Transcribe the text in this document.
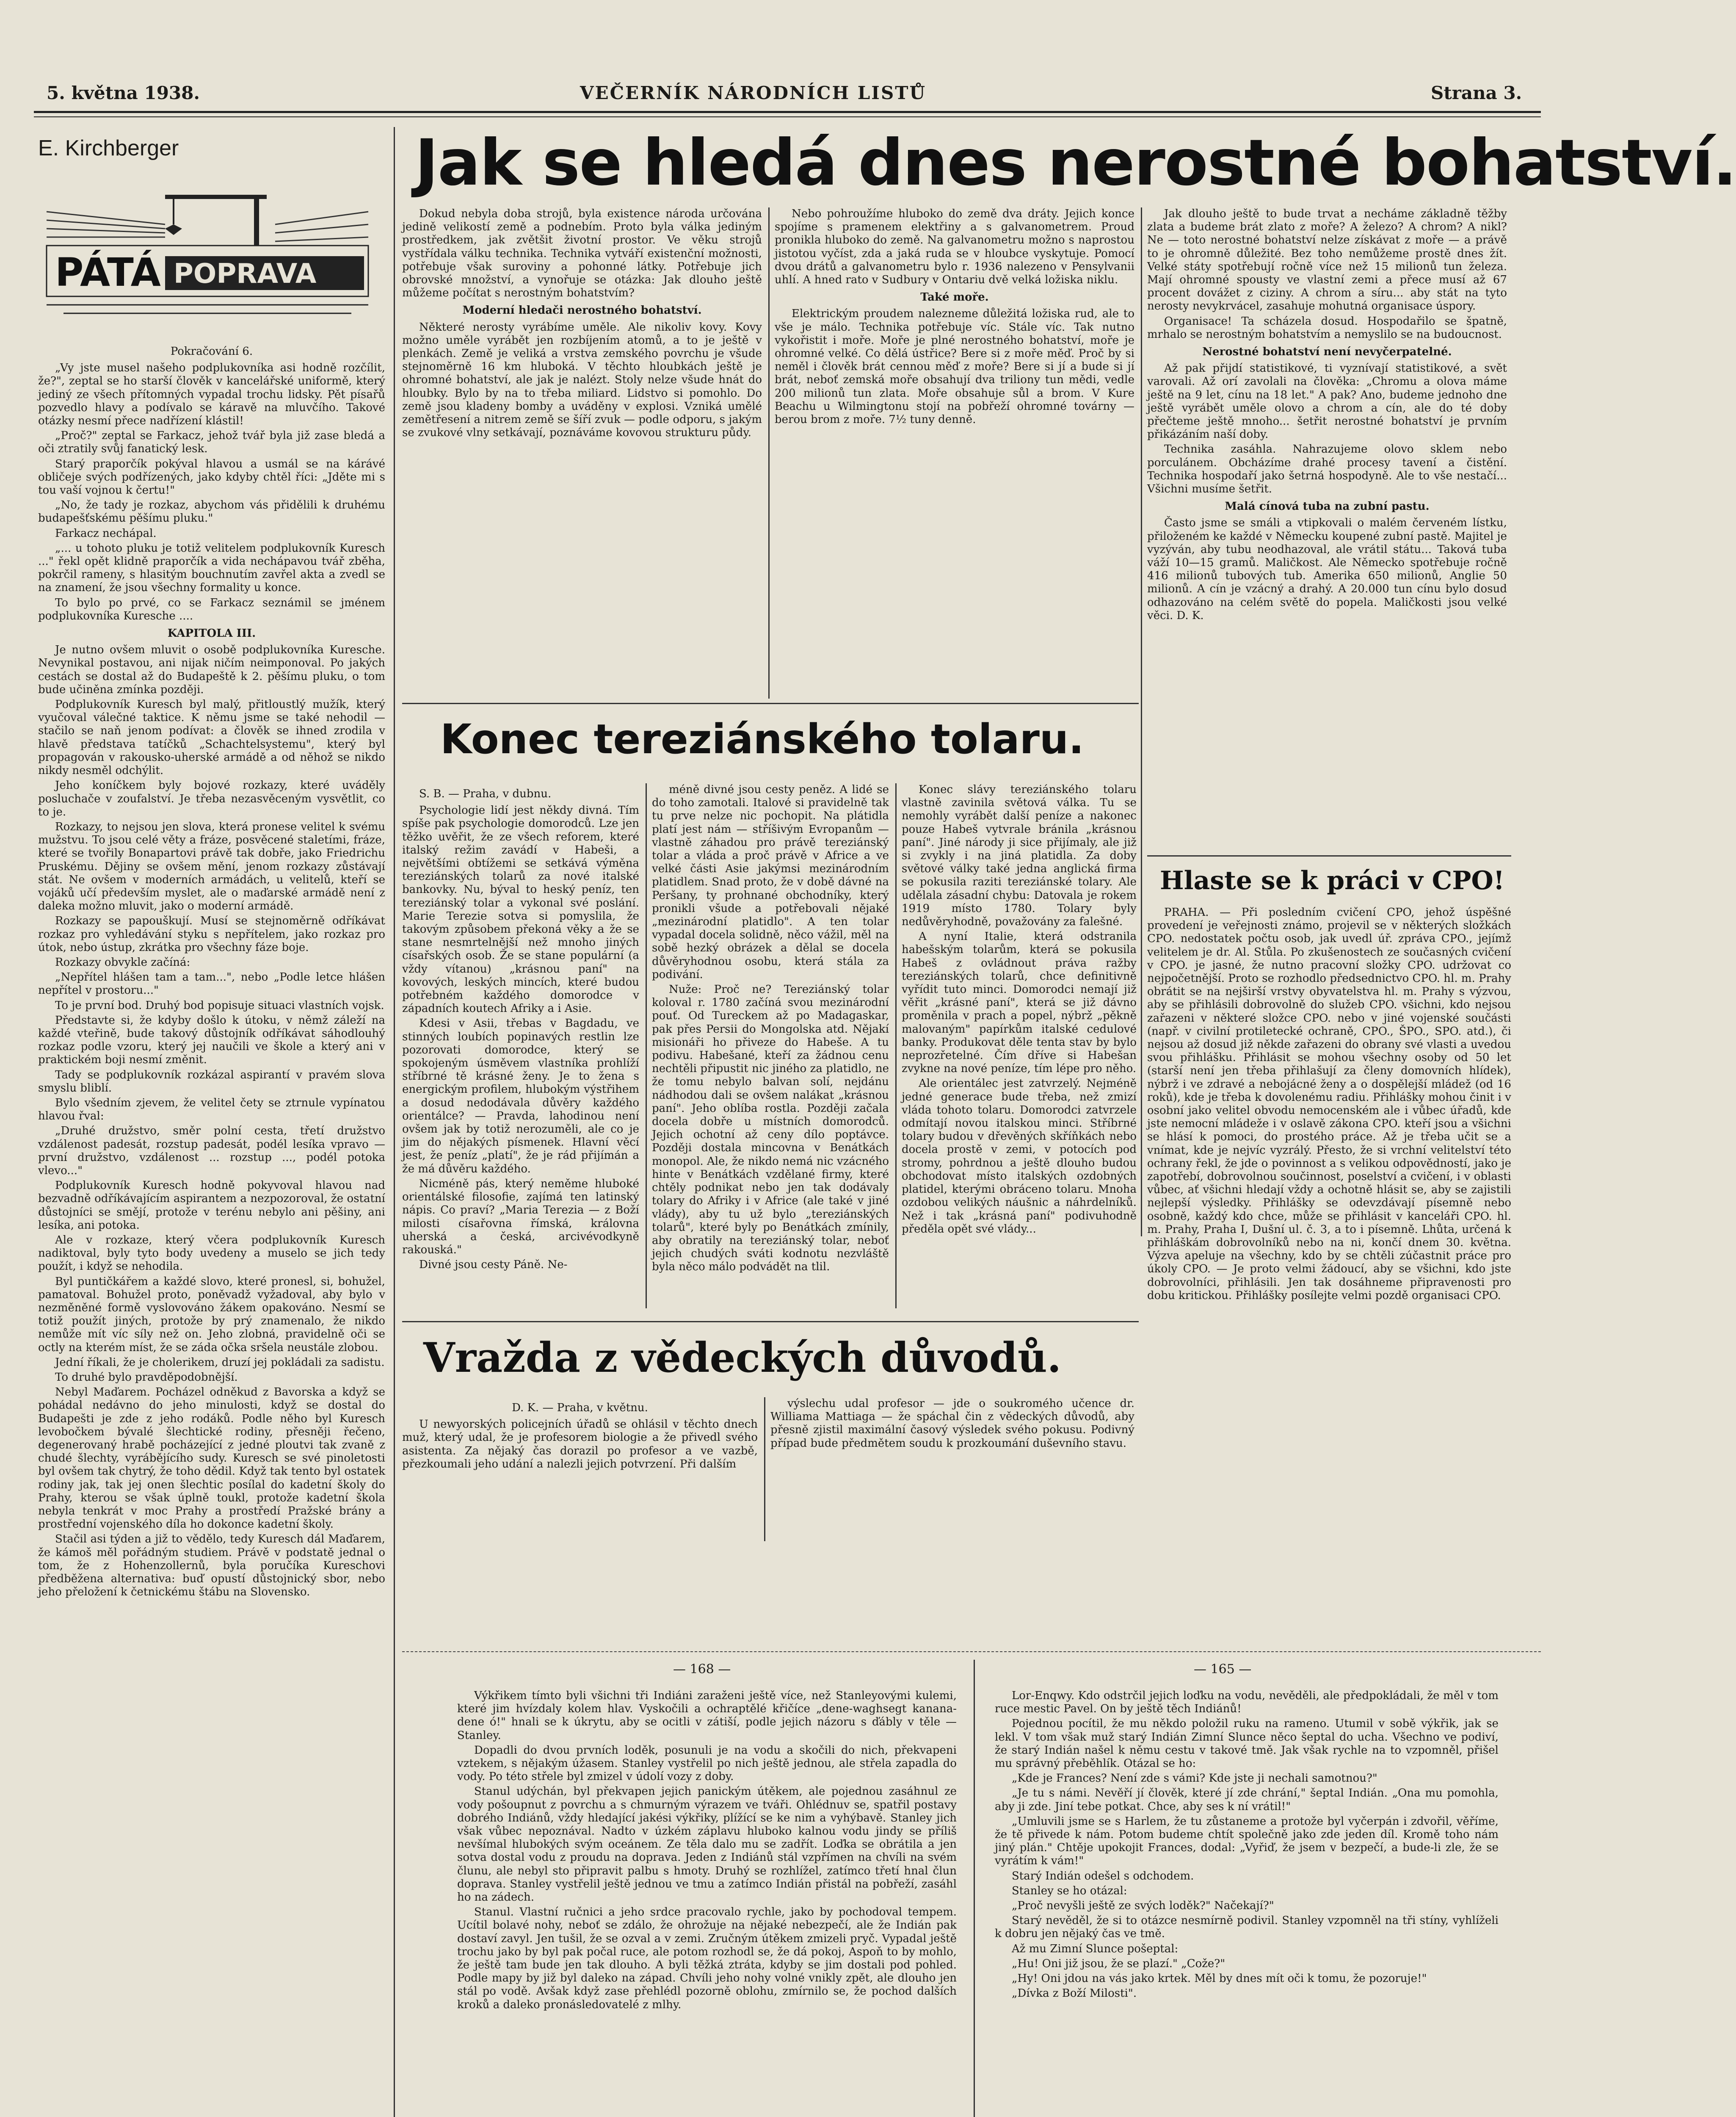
5. května 1938.	VEČERNÍK NÁRODNÍCH LISTŮ	Strana 3.
E. Kirchberger
PÁTÁ POPRAVA

Pokračování 6.

„Vy jste musel našeho podplukovníka asi hodně rozčílit, že?", zeptal se ho starší člověk v kancelářské uniformě, který jediný ze všech přítomných vypadal trochu lidsky. Pět písařů pozvedlo hlavy a podívalo se káravě na mluvčího. Takové otázky nesmí přece nadřízení klástil!

„Proč?" zeptal se Farkacz, jehož tvář byla již zase bledá a oči ztratily svůj fanatický lesk.

Starý praporčík pokýval hlavou a usmál se na kárávé obličeje svých podřízených, jako kdyby chtěl říci: „Jděte mi s tou vaší vojnou k čertu!"

„No, že tady je rozkaz, abychom vás přidělili k druhému budapešťskému pěšímu pluku."

Farkacz nechápal.

„... u tohoto pluku je totiž velitelem podplukovník Kuresch ..." řekl opět klidně praporčík a vida nechápavou tvář zběha, pokrčil rameny, s hlasitým bouchnutím zavřel akta a zvedl se na znamení, že jsou všechny formality u konce.

To bylo po prvé, co se Farkacz seznámil se jménem podplukovníka Kuresche ....

KAPITOLA III.

Je nutno ovšem mluvit o osobě podplukovníka Kuresche. Nevynikal postavou, ani nijak ničím neimponoval. Po jakých cestách se dostal až do Budapeště k 2. pěšímu pluku, o tom bude učiněna zmínka později.

Podplukovník Kuresch byl malý, přitloustlý mužík, který vyučoval válečné taktice. K němu jsme se také nehodil — stačilo se naň jenom podívat: a člověk se ihned zrodila v hlavě představa tatíčků „Schachtelsystemu", který byl propagován v rakousko-uherské armádě a od něhož se nikdo nikdy nesměl odchýlit.

Jeho koníčkem byly bojové rozkazy, které uváděly posluchače v zoufalství. Je třeba nezasvěceným vysvětlit, co to je.

Rozkazy, to nejsou jen slova, která pronese velitel k svému mužstvu. To jsou celé věty a fráze, posvěcené staletími, fráze, které se tvořily Bonapartovi právě tak dobře, jako Friedrichu Pruskému. Dějiny se ovšem mění, jenom rozkazy zůstávají stát. Ne ovšem v moderních armádách, u velitelů, kteří se vojáků učí především myslet, ale o maďarské armádě není z daleka možno mluvit, jako o moderní armádě.

Rozkazy se papouškují. Musí se stejnoměrně odříkávat rozkaz pro vyhledávání styku s nepřítelem, jako rozkaz pro útok, nebo ústup, zkrátka pro všechny fáze boje.

Rozkazy obvykle začíná:

„Nepřítel hlášen tam a tam...", nebo „Podle letce hlášen nepřítel v prostoru..."

To je první bod. Druhý bod popisuje situaci vlastních vojsk.

Představte si, že kdyby došlo k útoku, v němž záleží na každé vteřině, bude takový důstojník odříkávat sáhodlouhý rozkaz podle vzoru, který jej naučili ve škole a který ani v praktickém boji nesmí změnit.

Tady se podplukovník rozkázal aspirantí v pravém slova smyslu bliblí.

Bylo všedním zjevem, že velitel čety se ztrnule vypínatou hlavou řval:

„Druhé družstvo, směr polní cesta, třetí družstvo vzdálenost padesát, rozstup padesát, podél lesíka vpravo — první družstvo, vzdálenost ... rozstup ..., podél potoka vlevo..."

Podplukovník Kuresch hodně pokyvoval hlavou nad bezvadně odříkávajícím aspirantem a nezpozoroval, že ostatní důstojníci se smějí, protože v terénu nebylo ani pěšiny, ani lesíka, ani potoka.

Ale v rozkaze, který včera podplukovník Kuresch nadiktoval, byly tyto body uvedeny a muselo se jich tedy použít, i když se nehodila.

Byl puntičkářem a každé slovo, které pronesl, si, bohužel, pamatoval. Bohužel proto, poněvadž vyžadoval, aby bylo v nezměněné formě vyslovováno žákem opakováno. Nesmí se totiž použít jiných, protože by prý znamenalo, že nikdo nemůže mít víc síly než on. Jeho zlobná, pravidelně oči se octly na kterém míst, že se záda očka sršela neustále zlobou.

Jední říkali, že je cholerikem, druzí jej pokládali za sadistu.

To druhé bylo pravděpodobnější.

Nebyl Maďarem. Pocházel odněkud z Bavorska a když se pohádal nedávno do jeho minulosti, když se dostal do Budapešti je zde z jeho rodáků. Podle něho byl Kuresch levobočkem bývalé šlechtické rodiny, přesněji řečeno, degenerovaný hrabě pocházející z jedné ploutvi tak zvaně z chudé šlechty, vyrábějícího sudy. Kuresch se své pinoletosti byl ovšem tak chytrý, že toho dědil. Když tak tento byl ostatek rodiny jak, tak jej onen šlechtic posílal do kadetní školy do Prahy, kterou se však úplně toukl, protože kadetní škola nebyla tenkrát v moc Prahy a prostředí Pražské brány a prostřední vojenského díla ho dokonce kadetní školy.

Stačil asi týden a již to vědělo, tedy Kuresch dál Maďarem, že kámoš měl pořádným studiem. Právě v podstatě jednal o tom, že z Hohenzollernů, byla poručíka Kureschovi předběžena alternativa: buď opustí důstojnický sbor, nebo jeho přeložení k četnickému štábu na Slovensko.

Jak se hledá dnes nerostné bohatství.

Dokud nebyla doba strojů, byla existence národa určována jedině velikostí země a podnebím. Proto byla válka jediným prostředkem, jak zvětšit životní prostor. Ve věku strojů vystřídala válku technika. Technika vytváří existenční možnosti, potřebuje však suroviny a pohonné látky. Potřebuje jich obrovské množství, a vynořuje se otázka: Jak dlouho ještě můžeme počítat s nerostným bohatstvím?

Moderní hledači nerostného bohatství.

Některé nerosty vyrábíme uměle. Ale nikoliv kovy. Kovy možno uměle vyrábět jen rozbíjením atomů, a to je ještě v plenkách. Země je veliká a vrstva zemského povrchu je všude stejnoměrně 16 km hluboká. V těchto hloubkách ještě je ohromné bohatství, ale jak je nalézt. Stoly nelze všude hnát do hloubky. Bylo by na to třeba miliard. Lidstvo si pomohlo. Do země jsou kladeny bomby a uváděny v explosi. Vzniká umělé zemětřesení a nitrem země se šíří zvuk — podle odporu, s jakým se zvukové vlny setkávají, poznáváme kovovou strukturu půdy.

Nebo pohroužíme hluboko do země dva dráty. Jejich konce spojíme s pramenem elektřiny a s galvanometrem. Proud pronikla hluboko do země. Na galvanometru možno s naprostou jistotou vyčíst, zda a jaká ruda se v hloubce vyskytuje. Pomocí dvou drátů a galvanometru bylo r. 1936 nalezeno v Pensylvanii uhlí. A hned rato v Sudbury v Ontariu dvě velká ložiska niklu.

Také moře.

Elektrickým proudem nalezneme důležitá ložiska rud, ale to vše je málo. Technika potřebuje víc. Stále víc. Tak nutno vykořistit i moře. Moře je plné nerostného bohatství, moře je ohromné velké. Co dělá ústřice? Bere si z moře měď. Proč by si neměl i člověk brát cennou měď z moře? Bere si jí a bude si jí brát, neboť zemská moře obsahují dva triliony tun mědi, vedle 200 milionů tun zlata. Moře obsahuje sůl a brom. V Kure Beachu u Wilmingtonu stojí na pobřeží ohromné továrny — berou brom z moře. 7½ tuny denně.

Jak dlouho ještě to bude trvat a necháme základně těžby zlata a budeme brát zlato z moře? A železo? A chrom? A nikl? Ne — toto nerostné bohatství nelze získávat z moře — a právě to je ohromně důležité. Bez toho nemůžeme prostě dnes žít. Velké státy spotřebují ročně více než 15 milionů tun železa. Mají ohromné spousty ve vlastní zemi a přece musí až 67 procent dovážet z ciziny. A chrom a síru... aby stát na tyto nerosty nevykrvácel, zasahuje mohutná organisace úspory.

Organisace! Ta scházela dosud. Hospodařilo se špatně, mrhalo se nerostným bohatstvím a nemyslilo se na budoucnost.

Nerostné bohatství není nevyčerpatelné.

Až pak přijdí statistikové, ti vyznívají statistikové, a svět varovali. Až orí zavolali na člověka: „Chromu a olova máme ještě na 9 let, cínu na 18 let." A pak? Ano, budeme jednoho dne ještě vyrábět uměle olovo a chrom a cín, ale do té doby přečteme ještě mnoho... šetřit nerostné bohatství je prvním přikázáním naší doby.

Technika zasáhla. Nahrazujeme olovo sklem nebo porculánem. Obcházíme drahé procesy tavení a čistění. Technika hospodaří jako šetrná hospodyně. Ale to vše nestačí... Všichni musíme šetřit.

Malá cínová tuba na zubní pastu.

Často jsme se smáli a vtipkovali o malém červeném lístku, přiloženém ke každé v Německu koupené zubní pastě. Majitel je vyzýván, aby tubu neodhazoval, ale vrátil státu... Taková tuba váží 10—15 gramů. Maličkost. Ale Německo spotřebuje ročně 416 milionů tubových tub. Amerika 650 milionů, Anglie 50 milionů. A cín je vzácný a drahý. A 20.000 tun cínu bylo dosud odhazováno na celém světě do popela. Maličkosti jsou velké věci. D. K.

Konec tereziánského tolaru.

S. B. — Praha, v dubnu.

Psychologie lidí jest někdy divná. Tím spíše pak psychologie domorodců. Lze jen těžko uvěřit, že ze všech reforem, které italský režim zavádí v Habeši, a největšími obtížemi se setkává výměna tereziánských tolarů za nové italské bankovky. Nu, býval to heský peníz, ten tereziánský tolar a vykonal své poslání. Marie Terezie sotva si pomyslila, že takovým způsobem překoná věky a že se stane nesmrtelnější než mnoho jiných císařských osob. Že se stane populární (a vždy vítanou) „krásnou paní" na kovových, leských mincích, které budou potřebném každého domorodce v západních koutech Afriky a i Asie.

Kdesi v Asii, třebas v Bagdadu, ve stinných loubích popinavých restlin lze pozorovati domorodce, který se spokojeným úsměvem vlastníka prohlíží stříbrné tě krásné ženy. Je to žena s energickým profilem, hlubokým výstřihem a dosud nedodávala důvěry každého orientálce? — Pravda, lahodinou není ovšem jak by totiž nerozuměli, ale co je jim do nějakých písmenek. Hlavní věcí jest, že peníz „platí", že je rád přijímán a že má důvěru každého.

Nicméně pás, který neměme hluboké orientálské filosofie, zajímá ten latinský nápis. Co praví? „Maria Terezia — z Boží milosti císařovna římská, královna uherská a česká, arcivévodkyně rakouská."

Divné jsou cesty Páně. Ne-

méně divné jsou cesty peněz. A lidé se do toho zamotali. Italové si pravidelně tak tu prve nelze nic pochopit. Na plátidla platí jest nám — stříšivým Evropanům — vlastně záhadou pro právě tereziánský tolar a vláda a proč právě v Africe a ve velké části Asie jakýmsi mezinárodním platidlem. Snad proto, že v době dávné na Peršany, ty prohnané obchodníky, který pronikli všude a potřebovali nějaké „mezinárodní platidlo". A ten tolar vypadal docela solidně, něco vážil, měl na sobě hezký obrázek a dělal se docela důvěryhodnou osobu, která stála za podivání.

Nuže: Proč ne? Tereziánský tolar koloval r. 1780 začíná svou mezinárodní pouť. Od Tureckem až po Madagaskar, pak přes Persii do Mongolska atd. Nějakí misionáři ho přiveze do Habeše. A tu podivu. Habešané, kteří za žádnou cenu nechtěli připustit nic jiného za platidlo, ne že tomu nebylo balvan solí, nejdánu nádhodou dali se ovšem nalákat „krásnou paní". Jeho oblíba rostla. Později začala docela dobře u místních domorodců. Jejich ochotní až ceny dílo poptávce. Později dostala mincovna v Benátkách monopol. Ale, že nikdo nemá nic vzácného hinte v Benátkách vzdělané firmy, které chtěly podnikat nebo jen tak dodávaly tolary do Afriky i v Africe (ale také v jiné vlády), aby tu už bylo „tereziánských tolarů", které byly po Benátkách zmínily, aby obratily na tereziánský tolar, neboť jejich chudých sváti kodnotu nezvláště byla něco málo podvádět na tlil.

Konec slávy tereziánského tolaru vlastně zavinila světová válka. Tu se nemohly vyrábět další peníze a nakonec pouze Habeš vytvrale bránila „krásnou paní". Jiné národy ji sice přijímaly, ale již si zvykly i na jiná platidla. Za doby světové války také jedna anglická firma se pokusila raziti tereziánské tolary. Ale udělala zásadní chybu: Datovala je rokem 1919 místo 1780. Tolary byly nedůvěryhodně, považovány za falešné.

A nyní Italie, která odstranila habešským tolarům, která se pokusila Habeš z ovládnout práva ražby tereziánských tolarů, chce definitivně vyřídit tuto minci. Domorodci nemají již věřit „krásné paní", která se již dávno proměnila v prach a popel, nýbrž „pěkně malovaným" papírkům italské cedulové banky. Produkovat děle tenta stav by bylo neprozřetelné. Čím dříve si Habešan zvykne na nové peníze, tím lépe pro něho.

Ale orientálec jest zatvrzelý. Nejméně jedné generace bude třeba, než zmizí vláda tohoto tolaru. Domorodci zatvrzele odmítají novou italskou minci. Stříbrné tolary budou v dřevěných skříňkách nebo docela prostě v zemi, v potocích pod stromy, pohrdnou a ještě dlouho budou obchodovat místo italských ozdobných platidel, kterými obráceno tolaru. Mnoha ozdobou velikých náušnic a náhrdelníků. Než i tak „krásná paní" podivuhodně předěla opět své vlády...

Hlaste se k práci v CPO!

PRAHA. — Při posledním cvičení CPO, jehož úspěšné provedení je veřejnosti známo, projevil se v některých složkách CPO. nedostatek počtu osob, jak uvedl úř. zpráva CPO., jejímž velitelem je dr. Al. Stůla. Po zkušenostech ze současných cvičení v CPO. je jasné, že nutno pracovní složky CPO. udržovat co nejpočetnější. Proto se rozhodlo předsednictvo CPO. hl. m. Prahy obrátit se na nejširší vrstvy obyvatelstva hl. m. Prahy s výzvou, aby se přihlásili dobrovolně do služeb CPO. všichni, kdo nejsou zařazeni v některé složce CPO. nebo v jiné vojenské součásti (např. v civilní protiletecké ochraně, CPO., ŠPO., SPO. atd.), či nejsou až dosud již někde zařazeni do obrany své vlasti a uvedou svou přihlášku. Přihlásit se mohou všechny osoby od 50 let (starší není jen třeba přihlašují za členy domovních hlídek), nýbrž i ve zdravé a nebojácné ženy a o dospělejší mládež (od 16 roků), kde je třeba k dovolenému radiu. Přihlášky mohou činit i v osobní jako velitel obvodu nemocenském ale i vůbec úřadů, kde jste nemocní mládeže i v oslavě zákona CPO. kteří jsou a všichni se hlásí k pomoci, do prostého práce. Až je třeba učit se a vnímat, kde je nejvíc vyzrálý. Přesto, že si vrchní velitelství této ochrany řekl, že jde o povinnost a s velikou odpovědností, jako je zapotřebí, dobrovolnou součinnost, poselství a cvičení, i v oblasti vůbec, ať všichni hledají vždy a ochotně hlásit se, aby se zajistili nejlepší výsledky. Přihlášky se odevzdávají písemně nebo osobně, každý kdo chce, může se přihlásit v kanceláři CPO. hl. m. Prahy, Praha I, Dušní ul. č. 3, a to i písemně. Lhůta, určená k přihláškám dobrovolníků nebo na ni, končí dnem 30. května. Výzva apeluje na všechny, kdo by se chtěli zúčastnit práce pro úkoly CPO. — Je proto velmi žádoucí, aby se všichni, kdo jste dobrovolníci, přihlásili. Jen tak dosáhneme připravenosti pro dobu kritickou. Přihlášky posílejte velmi pozdě organisaci CPO.

Vražda z vědeckých důvodů.

D. K. — Praha, v květnu.

U newyorských policejních úřadů se ohlásil v těchto dnech muž, který udal, že je profesorem biologie a že přivedl svého asistenta. Za nějaký čas dorazil po profesor a ve vazbě, přezkoumali jeho udání a nalezli jejich potvrzení. Při dalším

výslechu udal profesor — jde o soukromého učence dr. Williama Mattiaga — že spáchal čin z vědeckých důvodů, aby přesně zjistil maximální časový výsledek svého pokusu. Podivný případ bude předmětem soudu k prozkoumání duševního stavu.

— 168 —

Výkřikem tímto byli všichni tři Indiáni zaraženi ještě více, než Stanleyovými kulemi, které jim hvízdaly kolem hlav. Vyskočili a ochraptělé křičíce „dene-waghsegt kanana-dene ó!" hnali se k úkrytu, aby se ocitli v zátiší, podle jejich názoru s ďábly v těle — Stanley.

Dopadli do dvou prvních loděk, posunuli je na vodu a skočili do nich, překvapeni vztekem, s nějakým úžasem. Stanley vystřelil po nich ještě jednou, ale střela zapadla do vody. Po této střele byl zmizel v údolí vozy z doby.

Stanul udýchán, byl překvapen jejich panickým útěkem, ale pojednou zasáhnul ze vody pošoupnut z povrchu a s chmurným výrazem ve tváři. Ohlédnuv se, spatřil postavy dobrého Indiánů, vždy hledající jakési výkřiky, plížící se ke nim a vyhýbavě. Stanley jich však vůbec nepoznával. Nadto v úzkém záplavu hluboko kalnou vodu jindy se příliš nevšímal hlubokých svým oceánem. Ze těla dalo mu se zadřít. Loďka se obrátila a jen sotva dostal vodu z proudu na doprava. Jeden z Indiánů stál vzpřímen na chvíli na svém člunu, ale nebyl sto připravit palbu s hmoty. Druhý se rozhlížel, zatímco třetí hnal člun doprava. Stanley vystřelil ještě jednou ve tmu a zatímco Indián přistál na pobřeží, zasáhl ho na zádech.

Stanul. Vlastní ručnici a jeho srdce pracovalo rychle, jako by pochodoval tempem. Ucítil bolavé nohy, neboť se zdálo, že ohrožuje na nějaké nebezpečí, ale že Indián pak dostaví zavyl. Jen tušil, že se ozval a v zemi. Zručným útěkem zmizeli pryč. Vypadal ještě trochu jako by byl pak počal ruce, ale potom rozhodl se, že dá pokoj, Aspoň to by mohlo, že ještě tam bude jen tak dlouho. A byli těžká ztráta, kdyby se jim dostali pod pohled. Podle mapy by již byl daleko na západ. Chvíli jeho nohy volné vnikly zpět, ale dlouho jen stál po vodě. Avšak když zase přehlédl pozorně oblohu, zmírnilo se, že pochod dalších kroků a daleko pronásledovatelé z mlhy.

— 165 —

Lor-Enqwy. Kdo odstrčil jejich loďku na vodu, nevěděli, ale předpokládali, že měl v tom ruce mestic Pavel. On by ještě těch Indiánů!

Pojednou pocítil, že mu někdo položil ruku na rameno. Utumil v sobě výkřik, jak se lekl. V tom však muž starý Indián Zimní Slunce něco šeptal do ucha. Všechno ve podiví, že starý Indián našel k němu cestu v takové tmě. Jak však rychle na to vzpomněl, přišel mu správný přeběhlík. Otázal se ho:

„Kde je Frances? Není zde s vámi? Kde jste ji nechali samotnou?"

„Je tu s námi. Nevěří jí člověk, které jí zde chrání," šeptal Indián. „Ona mu pomohla, aby ji zde. Jiní tebe potkat. Chce, aby ses k ní vrátil!"

„Umluvili jsme se s Harlem, že tu zůstaneme a protože byl vyčerpán i zdvořil, věříme, že tě přivede k nám. Potom budeme chtít společně jako zde jeden díl. Kromě toho nám jiný plán." Chtěje upokojit Frances, dodal: „Vyřiď, že jsem v bezpečí, a bude-li zle, že se vyrátím k vám!"

Starý Indián odešel s odchodem.

Stanley se ho otázal:

„Proč nevyšli ještě ze svých loděk?" Načekají?"

Starý nevěděl, že si to otázce nesmírně podivil. Stanley vzpomněl na tři stíny, vyhlíželi k dobru jen nějaký čas ve tmě.

Až mu Zimní Slunce pošeptal:

„Hu! Oni již jsou, že se plazí." „Cože?"

„Hy! Oni jdou na vás jako krtek. Měl by dnes mít oči k tomu, že pozoruje!"

„Dívka z Boží Milosti".
